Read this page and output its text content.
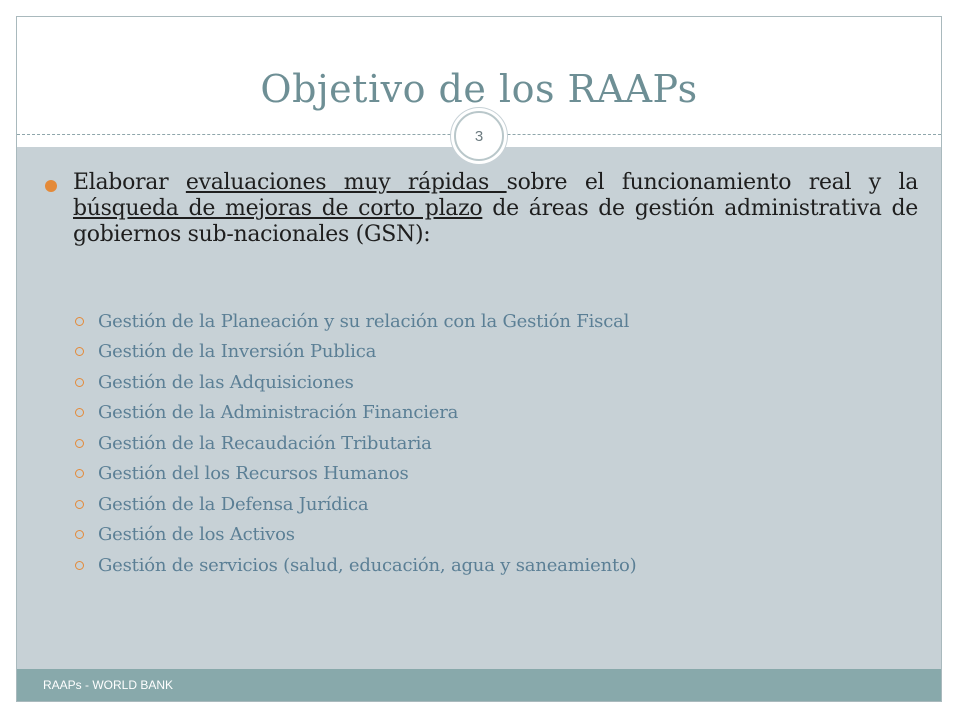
Objetivo de los RAAPs
3
Elaborar evaluaciones muy rápidas sobre el funcionamiento real y la búsqueda de mejoras de corto plazo de áreas de gestión administrativa de gobiernos sub-nacionales (GSN):
Gestión de la Planeación y su relación con la Gestión Fiscal
Gestión de la Inversión Publica
Gestión de las Adquisiciones
Gestión de la Administración Financiera
Gestión de la Recaudación Tributaria
Gestión del los Recursos Humanos
Gestión de la Defensa Jurídica
Gestión de los Activos
Gestión de servicios (salud, educación, agua y saneamiento)
RAAPs - WORLD BANK
